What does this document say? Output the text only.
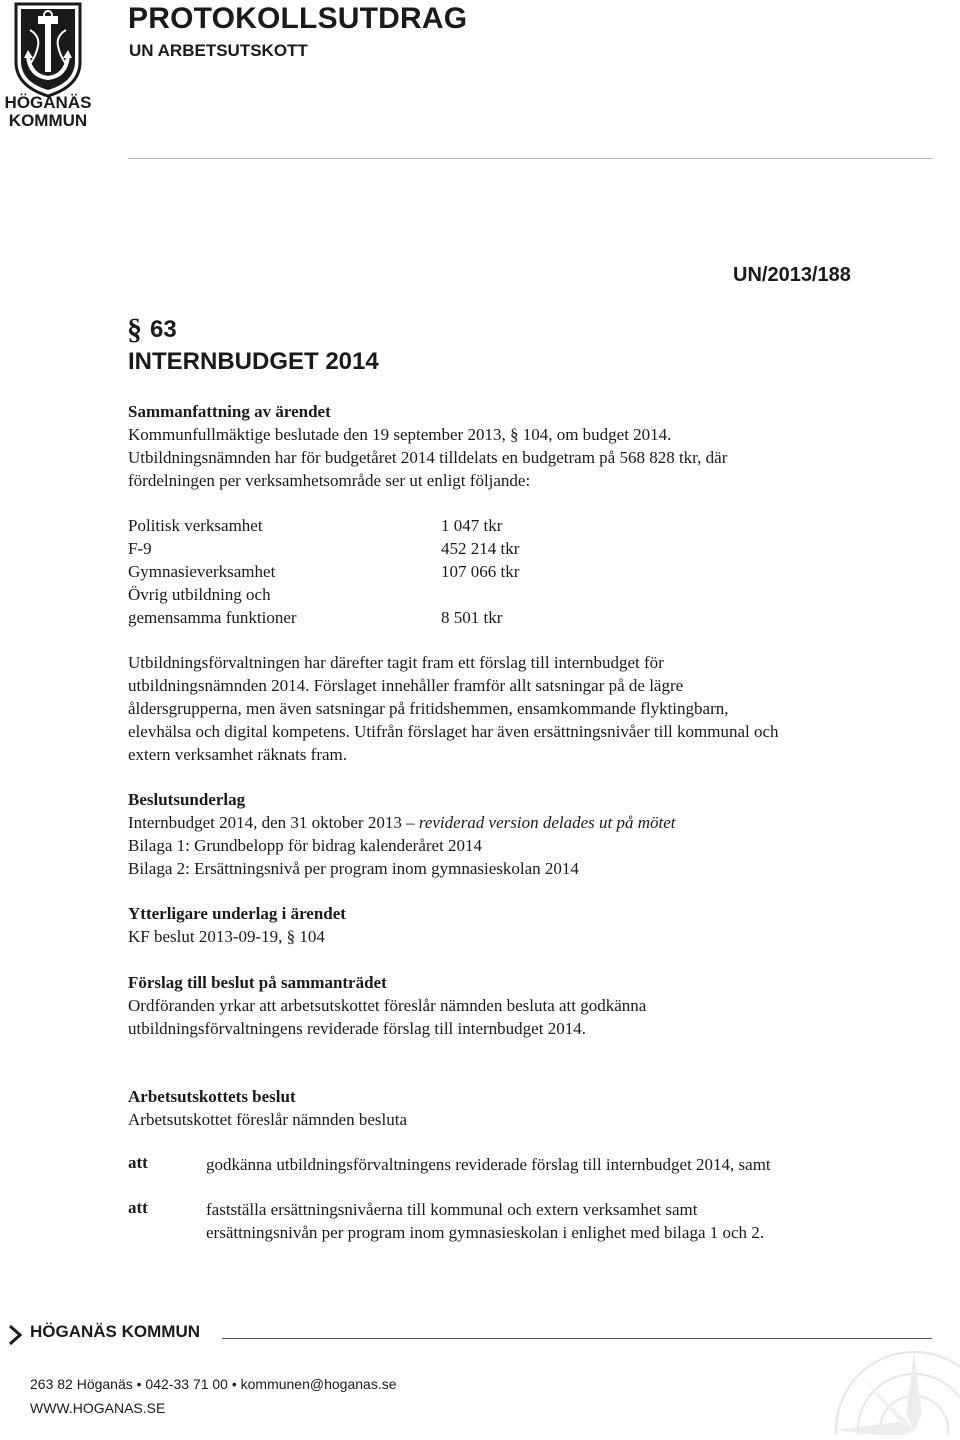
HÖGANÄS
KOMMUN
PROTOKOLLSUTDRAG
UN ARBETSUTSKOTT
UN/2013/188
§ 63
INTERNBUDGET 2014
Sammanfattning av ärendet
Kommunfullmäktige beslutade den 19 september 2013, § 104, om budget 2014.
Utbildningsnämnden har för budgetåret 2014 tilldelats en budgetram på 568 828 tkr, där
fördelningen per verksamhetsområde ser ut enligt följande:
Politisk verksamhet
F-9
Gymnasieverksamhet
Övrig utbildning och
gemensamma funktioner
1 047 tkr
452 214 tkr
107 066 tkr
8 501 tkr
Utbildningsförvaltningen har därefter tagit fram ett förslag till internbudget för
utbildningsnämnden 2014. Förslaget innehåller framför allt satsningar på de lägre
åldersgrupperna, men även satsningar på fritidshemmen, ensamkommande flyktingbarn,
elevhälsa och digital kompetens. Utifrån förslaget har även ersättningsnivåer till kommunal och
extern verksamhet räknats fram.
Beslutsunderlag
Internbudget 2014, den 31 oktober 2013 – reviderad version delades ut på mötet
Bilaga 1: Grundbelopp för bidrag kalenderåret 2014
Bilaga 2: Ersättningsnivå per program inom gymnasieskolan 2014
Ytterligare underlag i ärendet
KF beslut 2013-09-19, § 104
Förslag till beslut på sammanträdet
Ordföranden yrkar att arbetsutskottet föreslår nämnden besluta att godkänna
utbildningsförvaltningens reviderade förslag till internbudget 2014.
Arbetsutskottets beslut
Arbetsutskottet föreslår nämnden besluta
att	godkänna utbildningsförvaltningens reviderade förslag till internbudget 2014, samt
att	fastställa ersättningsnivåerna till kommunal och extern verksamhet samt
ersättningsnivån per program inom gymnasieskolan i enlighet med bilaga 1 och 2.
HÖGANÄS KOMMUN
263 82 Höganäs • 042-33 71 00 • kommunen@hoganas.se
WWW.HOGANAS.SE
